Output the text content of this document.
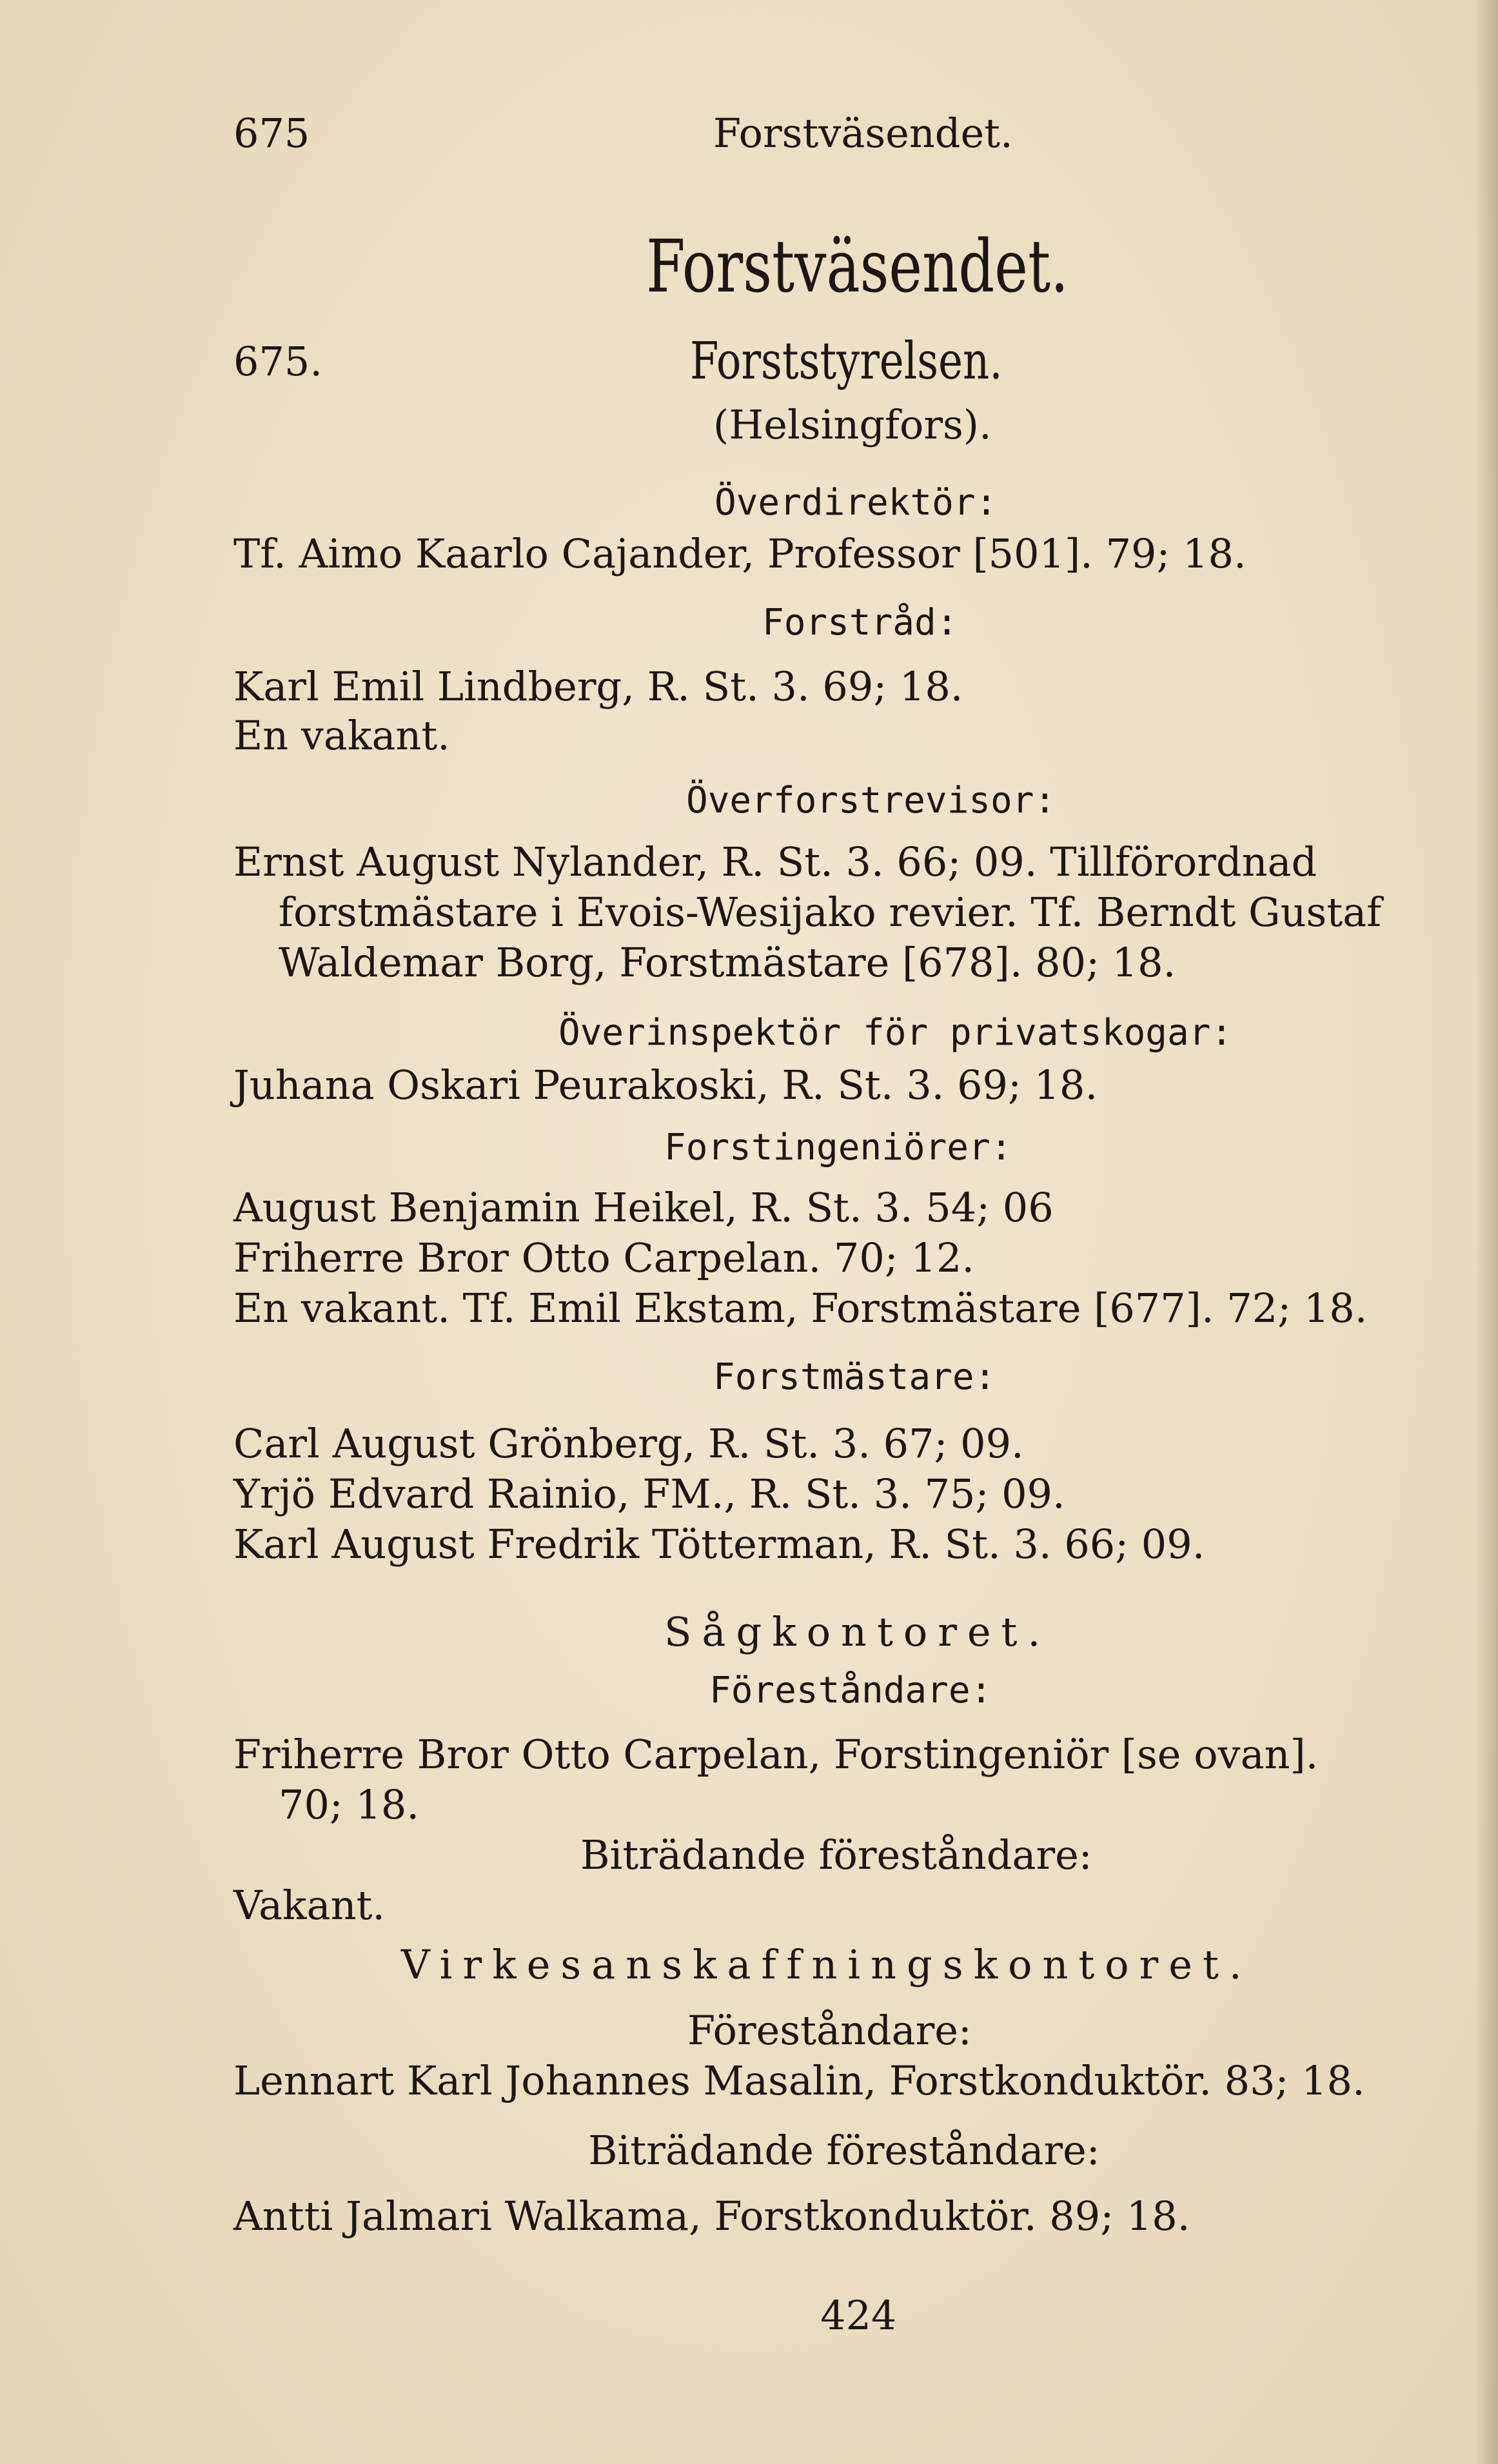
675	Forstväsendet.
Forstväsendet.
675.	Forststyrelsen.
(Helsingfors).
Överdirektör:
Tf. Aimo Kaarlo Cajander, Professor [501]. 79; 18.
Forstråd:
Karl Emil Lindberg, R. St. 3. 69; 18.
En vakant.
Överforstrevisor:
Ernst August Nylander, R. St. 3. 66; 09. Tillförordnad
forstmästare i Evois-Wesijako revier. Tf. Berndt Gustaf
Waldemar Borg, Forstmästare [678]. 80; 18.
Överinspektör för privatskogar:
Juhana Oskari Peurakoski, R. St. 3. 69; 18.
Forstingeniörer:
August Benjamin Heikel, R. St. 3. 54; 06
Friherre Bror Otto Carpelan. 70; 12.
En vakant. Tf. Emil Ekstam, Forstmästare [677]. 72; 18.
Forstmästare:
Carl August Grönberg, R. St. 3. 67; 09.
Yrjö Edvard Rainio, FM., R. St. 3. 75; 09.
Karl August Fredrik Tötterman, R. St. 3. 66; 09.
Sågkontoret.
Föreståndare:
Friherre Bror Otto Carpelan, Forstingeniör [se ovan].
70; 18.
Biträdande föreståndare:
Vakant.
Virkesanskaffningskontoret.
Föreståndare:
Lennart Karl Johannes Masalin, Forstkonduktör. 83; 18.
Biträdande föreståndare:
Antti Jalmari Walkama, Forstkonduktör. 89; 18.
424
